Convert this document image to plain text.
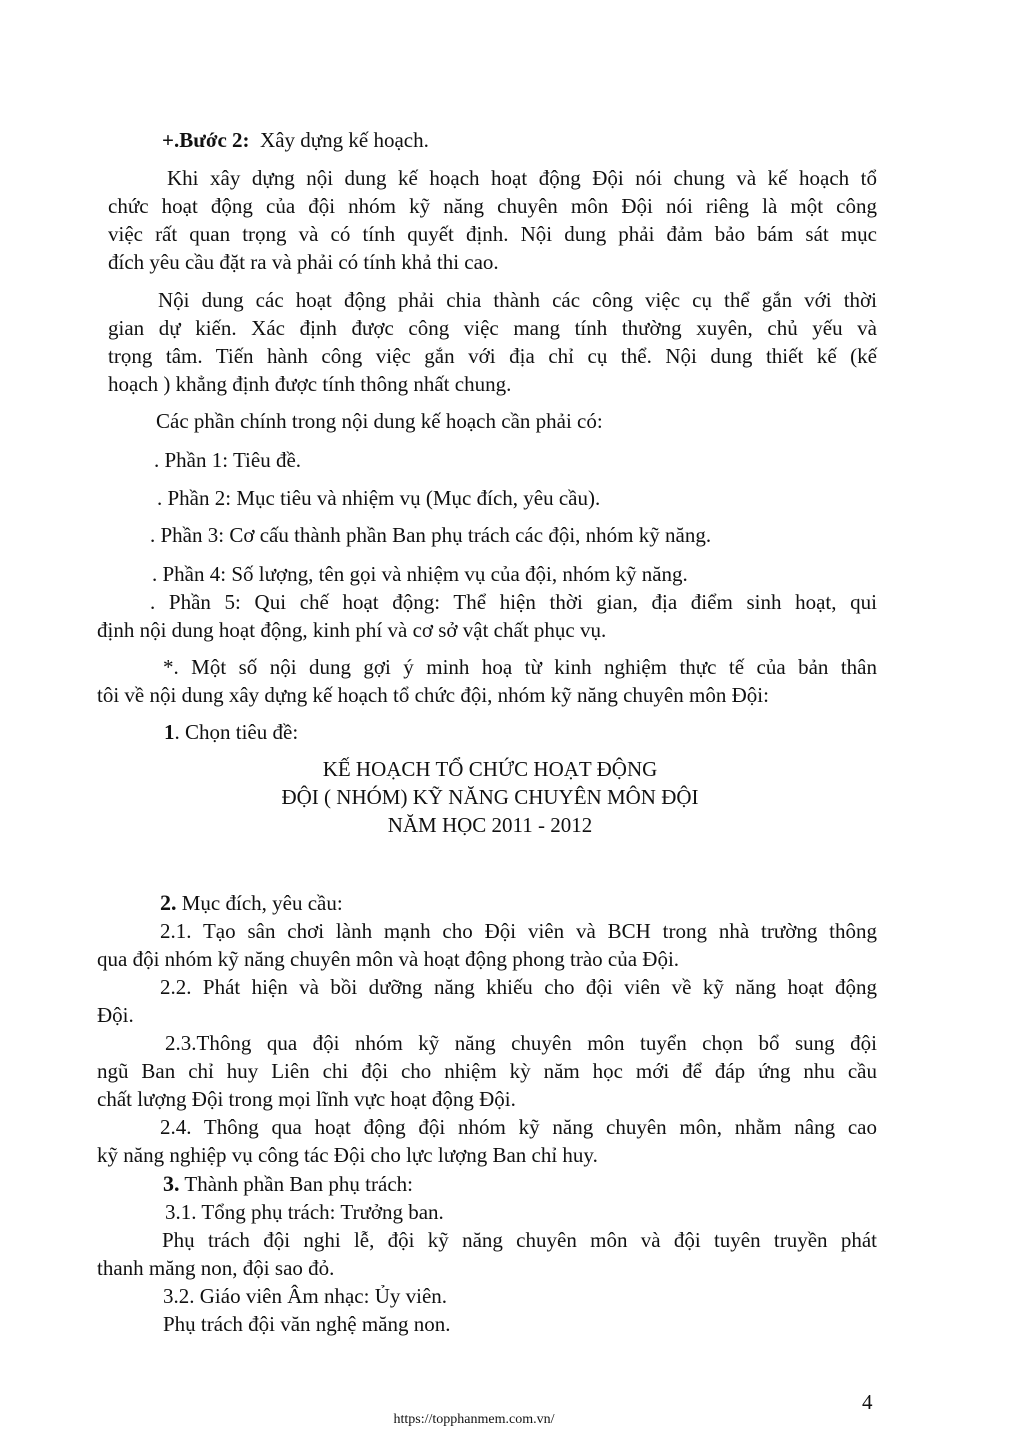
+.Bước 2: Xây dựng kế hoạch.
Khi xây dựng nội dung kế hoạch hoạt động Đội nói chung và kế hoạch tổ
chức hoạt động của đội nhóm kỹ năng chuyên môn Đội nói riêng là một công
việc rất quan trọng và có tính quyết định. Nội dung phải đảm bảo bám sát mục
đích yêu cầu đặt ra và phải có tính khả thi cao.
Nội dung các hoạt động phải chia thành các công việc cụ thể gắn với thời
gian dự kiến. Xác định được công việc mang tính thường xuyên, chủ yếu và
trọng tâm. Tiến hành công việc gắn với địa chỉ cụ thể. Nội dung thiết kế (kế
hoạch ) khẳng định được tính thông nhất chung.
Các phần chính trong nội dung kế hoạch cần phải có:
. Phần 1: Tiêu đề.
. Phần 2: Mục tiêu và nhiệm vụ (Mục đích, yêu cầu).
. Phần 3: Cơ cấu thành phần Ban phụ trách các đội, nhóm kỹ năng.
. Phần 4: Số lượng, tên gọi và nhiệm vụ của đội, nhóm kỹ năng.
. Phần 5: Qui chế hoạt động: Thể hiện thời gian, địa điểm sinh hoạt, qui
định nội dung hoạt động, kinh phí và cơ sở vật chất phục vụ.
*. Một số nội dung gợi ý minh hoạ từ kinh nghiệm thực tế của bản thân
tôi về nội dung xây dựng kế hoạch tổ chức đội, nhóm kỹ năng chuyên môn Đội:
1. Chọn tiêu đề:
KẾ HOẠCH TỔ CHỨC HOẠT ĐỘNG
ĐỘI ( NHÓM) KỸ NĂNG CHUYÊN MÔN ĐỘI
NĂM HỌC 2011 - 2012
2. Mục đích, yêu cầu:
2.1. Tạo sân chơi lành mạnh cho Đội viên và BCH trong nhà trường thông
qua đội nhóm kỹ năng chuyên môn và hoạt động phong trào của Đội.
2.2. Phát hiện và bồi dưỡng năng khiếu cho đội viên về kỹ năng hoạt động
Đội.
2.3.Thông qua đội nhóm kỹ năng chuyên môn tuyển chọn bổ sung đội
ngũ Ban chỉ huy Liên chi đội cho nhiệm kỳ năm học mới để đáp ứng nhu cầu
chất lượng Đội trong mọi lĩnh vực hoạt động Đội.
2.4. Thông qua hoạt động đội nhóm kỹ năng chuyên môn, nhằm nâng cao
kỹ năng nghiệp vụ công tác Đội cho lực lượng Ban chỉ huy.
3. Thành phần Ban phụ trách:
3.1. Tổng phụ trách: Trưởng ban.
Phụ trách đội nghi lễ, đội kỹ năng chuyên môn và đội tuyên truyền phát
thanh măng non, đội sao đỏ.
3.2. Giáo viên Âm nhạc: Ủy viên.
Phụ trách đội văn nghệ măng non.
4
https://topphanmem.com.vn/
